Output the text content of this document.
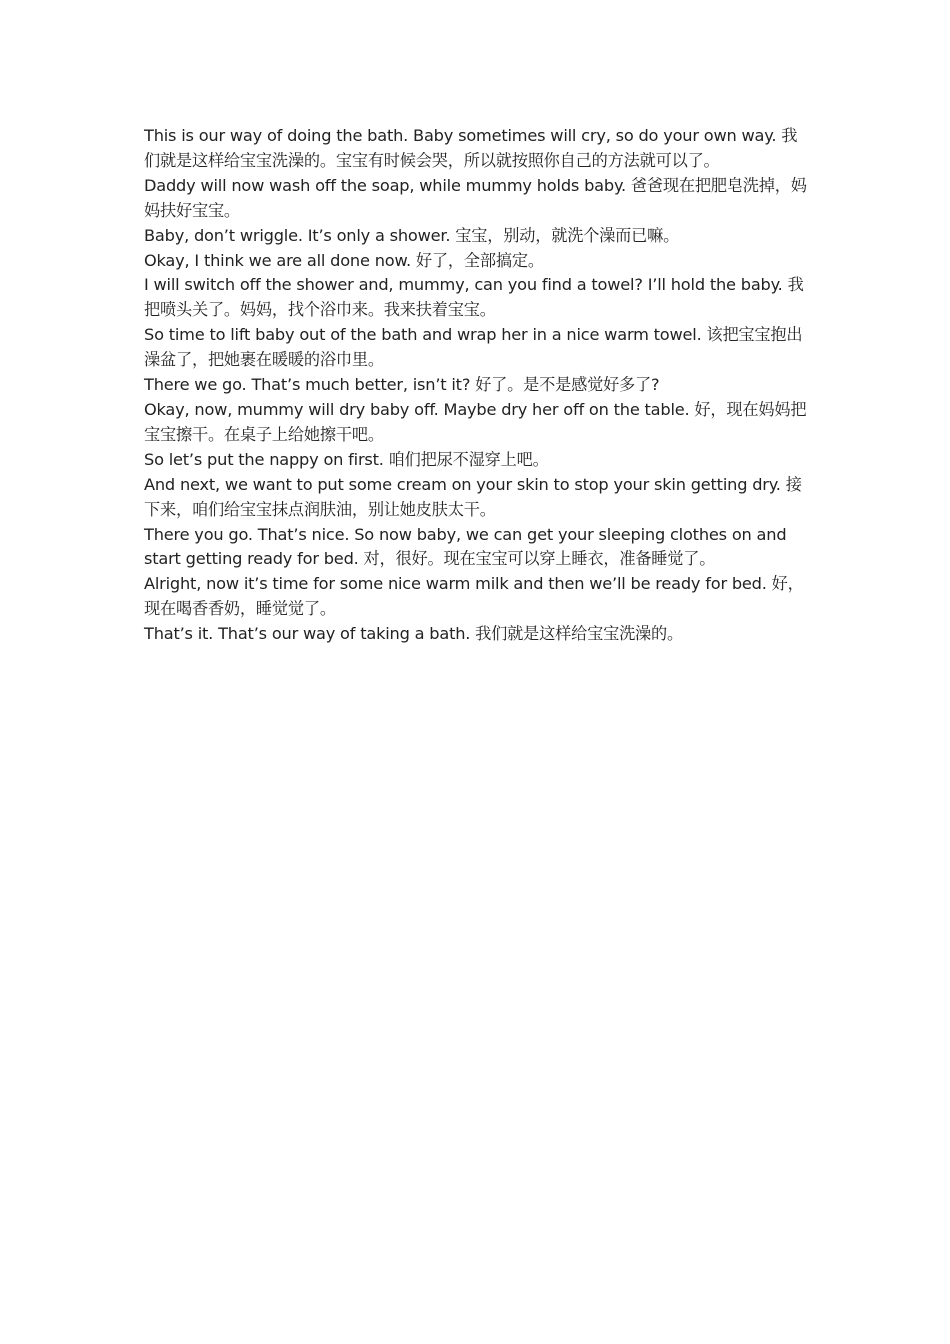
This is our way of doing the bath. Baby sometimes will cry, so do your own way. 我们就是这样给宝宝洗澡的。宝宝有时候会哭，所以就按照你自己的方法就可以了。

Daddy will now wash off the soap, while mummy holds baby. 爸爸现在把肥皂洗掉，妈妈扶好宝宝。

Baby, don’t wriggle. It’s only a shower. 宝宝，别动，就洗个澡而已嘛。

Okay, I think we are all done now. 好了，全部搞定。

I will switch off the shower and, mummy, can you find a towel? I’ll hold the baby. 我把喷头关了。妈妈，找个浴巾来。我来扶着宝宝。

So time to lift baby out of the bath and wrap her in a nice warm towel. 该把宝宝抱出澡盆了，把她裹在暖暖的浴巾里。

There we go. That’s much better, isn’t it? 好了。是不是感觉好多了?

Okay, now, mummy will dry baby off. Maybe dry her off on the table. 好，现在妈妈把宝宝擦干。在桌子上给她擦干吧。

So let’s put the nappy on first. 咱们把尿不湿穿上吧。

And next, we want to put some cream on your skin to stop your skin getting dry. 接下来，咱们给宝宝抹点润肤油，别让她皮肤太干。

There you go. That’s nice. So now baby, we can get your sleeping clothes on and start getting ready for bed. 对，很好。现在宝宝可以穿上睡衣，准备睡觉了。

Alright, now it’s time for some nice warm milk and then we’ll be ready for bed. 好，现在喝香香奶，睡觉觉了。

That’s it. That’s our way of taking a bath. 我们就是这样给宝宝洗澡的。
